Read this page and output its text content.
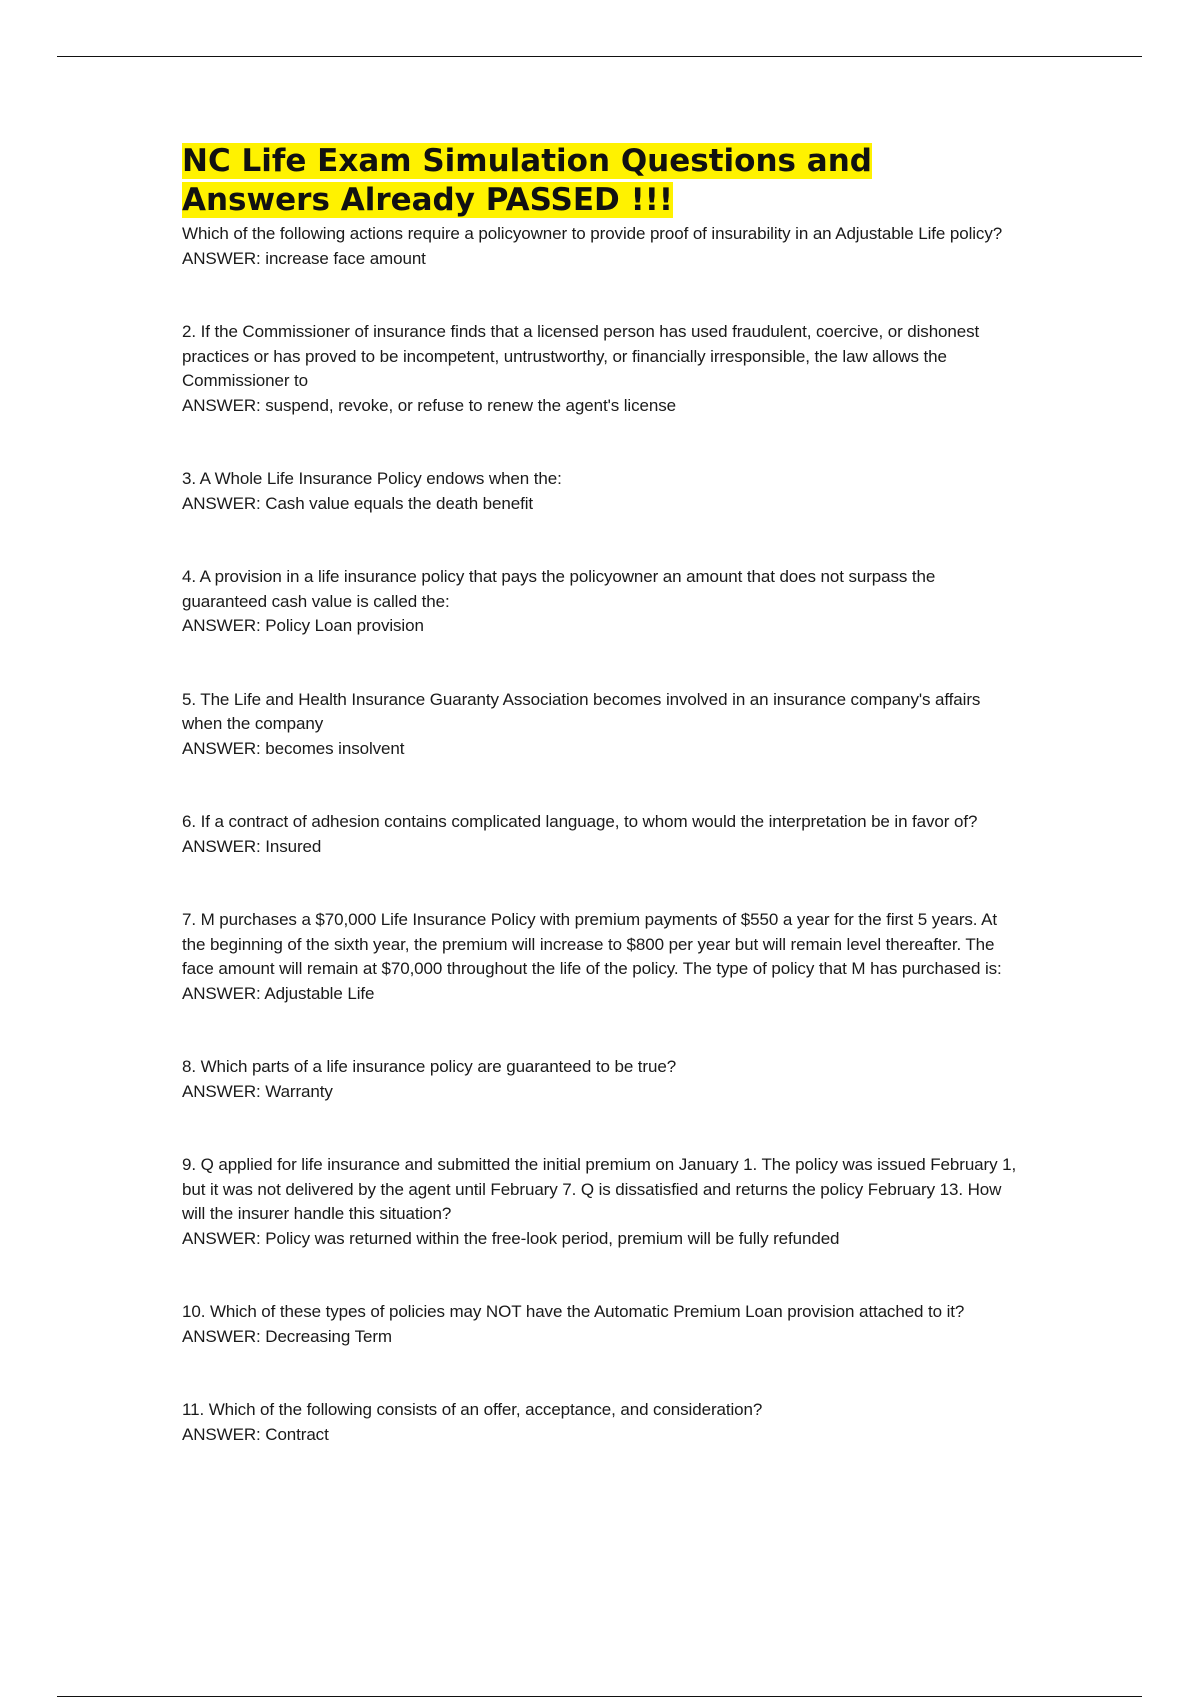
NC Life Exam Simulation Questions and Answers Already PASSED !!!

Which of the following actions require a policyowner to provide proof of insurability in an Adjustable Life policy?

ANSWER: increase face amount

2. If the Commissioner of insurance finds that a licensed person has used fraudulent, coercive, or dishonest practices or has proved to be incompetent, untrustworthy, or financially irresponsible, the law allows the Commissioner to

ANSWER: suspend, revoke, or refuse to renew the agent's license

3. A Whole Life Insurance Policy endows when the:

ANSWER: Cash value equals the death benefit

4. A provision in a life insurance policy that pays the policyowner an amount that does not surpass the guaranteed cash value is called the:

ANSWER: Policy Loan provision

5. The Life and Health Insurance Guaranty Association becomes involved in an insurance company's affairs when the company

ANSWER: becomes insolvent

6. If a contract of adhesion contains complicated language, to whom would the interpretation be in favor of?

ANSWER: Insured

7. M purchases a $70,000 Life Insurance Policy with premium payments of $550 a year for the first 5 years. At the beginning of the sixth year, the premium will increase to $800 per year but will remain level thereafter. The face amount will remain at $70,000 throughout the life of the policy. The type of policy that M has purchased is:

ANSWER: Adjustable Life

8. Which parts of a life insurance policy are guaranteed to be true?

ANSWER: Warranty

9. Q applied for life insurance and submitted the initial premium on January 1. The policy was issued February 1, but it was not delivered by the agent until February 7. Q is dissatisfied and returns the policy February 13. How will the insurer handle this situation?

ANSWER: Policy was returned within the free-look period, premium will be fully refunded

10. Which of these types of policies may NOT have the Automatic Premium Loan provision attached to it?

ANSWER: Decreasing Term

11. Which of the following consists of an offer, acceptance, and consideration?

ANSWER: Contract
